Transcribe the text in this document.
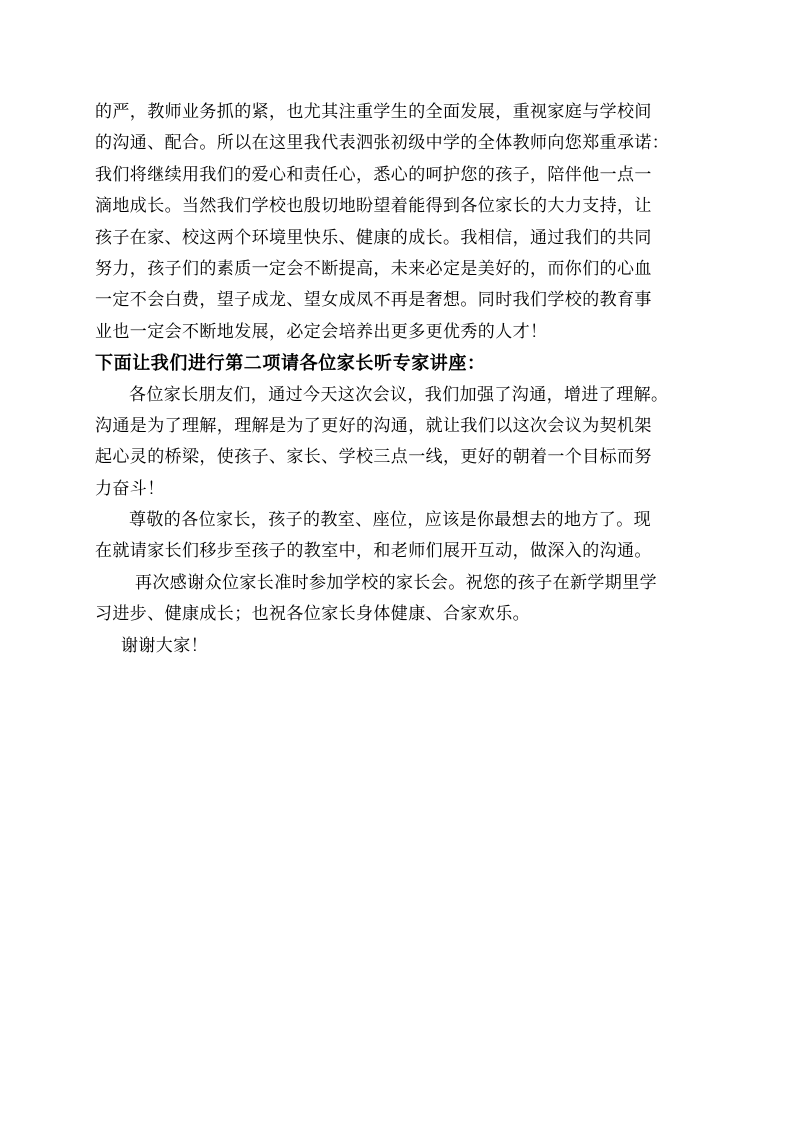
的严，教师业务抓的紧，也尤其注重学生的全面发展，重视家庭与学校间
的沟通、配合。所以在这里我代表泗张初级中学的全体教师向您郑重承诺：
我们将继续用我们的爱心和责任心，悉心的呵护您的孩子，陪伴他一点一
滴地成长。当然我们学校也殷切地盼望着能得到各位家长的大力支持，让
孩子在家、校这两个环境里快乐、健康的成长。我相信，通过我们的共同
努力，孩子们的素质一定会不断提高，未来必定是美好的，而你们的心血
一定不会白费，望子成龙、望女成凤不再是奢想。同时我们学校的教育事
业也一定会不断地发展，必定会培养出更多更优秀的人才！
下面让我们进行第二项请各位家长听专家讲座：
各位家长朋友们，通过今天这次会议，我们加强了沟通，增进了理解。
沟通是为了理解，理解是为了更好的沟通，就让我们以这次会议为契机架
起心灵的桥梁，使孩子、家长、学校三点一线，更好的朝着一个目标而努
力奋斗！
尊敬的各位家长，孩子的教室、座位，应该是你最想去的地方了。现
在就请家长们移步至孩子的教室中，和老师们展开互动，做深入的沟通。
再次感谢众位家长准时参加学校的家长会。祝您的孩子在新学期里学
习进步、健康成长；也祝各位家长身体健康、合家欢乐。
谢谢大家！
